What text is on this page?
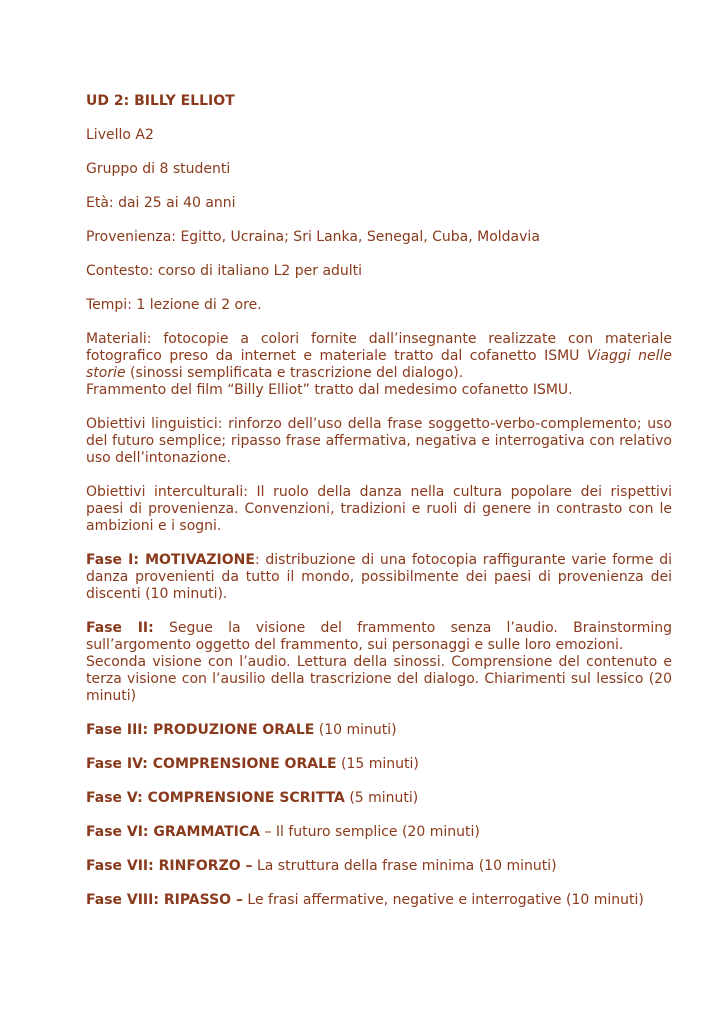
UD 2: BILLY ELLIOT

Livello A2

Gruppo di 8 studenti

Età: dai 25 ai 40 anni

Provenienza: Egitto, Ucraina; Sri Lanka, Senegal, Cuba, Moldavia

Contesto: corso di italiano L2 per adulti

Tempi: 1 lezione di 2 ore.

Materiali: fotocopie a colori fornite dall’insegnante realizzate con materiale fotografico preso da internet e materiale tratto dal cofanetto ISMU Viaggi nelle storie (sinossi semplificata e trascrizione del dialogo).
Frammento del film “Billy Elliot” tratto dal medesimo cofanetto ISMU.

Obiettivi linguistici: rinforzo dell’uso della frase soggetto-verbo-complemento; uso del futuro semplice; ripasso frase affermativa, negativa e interrogativa con relativo uso dell’intonazione.

Obiettivi interculturali: Il ruolo della danza nella cultura popolare dei rispettivi paesi di provenienza. Convenzioni, tradizioni e ruoli di genere in contrasto con le ambizioni e i sogni.

Fase I: MOTIVAZIONE: distribuzione di una fotocopia raffigurante varie forme di danza provenienti da tutto il mondo, possibilmente dei paesi di provenienza dei discenti (10 minuti).

Fase II: Segue la visione del frammento senza l’audio. Brainstorming sull’argomento oggetto del frammento, sui personaggi e sulle loro emozioni.
Seconda visione con l’audio. Lettura della sinossi. Comprensione del contenuto e terza visione con l’ausilio della trascrizione del dialogo. Chiarimenti sul lessico (20 minuti)

Fase III: PRODUZIONE ORALE (10 minuti)

Fase IV: COMPRENSIONE ORALE (15 minuti)

Fase V: COMPRENSIONE SCRITTA (5 minuti)

Fase VI: GRAMMATICA – Il futuro semplice (20 minuti)

Fase VII: RINFORZO – La struttura della frase minima (10 minuti)

Fase VIII: RIPASSO – Le frasi affermative, negative e interrogative (10 minuti)
